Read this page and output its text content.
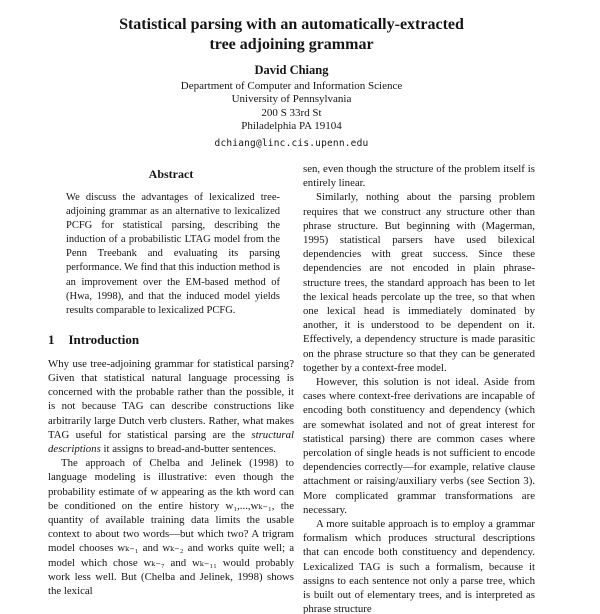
Statistical parsing with an automatically-extracted
tree adjoining grammar
David Chiang
Department of Computer and Information Science
University of Pennsylvania
200 S 33rd St
Philadelphia PA 19104
dchiang@linc.cis.upenn.edu
Abstract

We discuss the advantages of lexicalized tree-adjoining grammar as an alternative to lexicalized PCFG for statistical parsing, describing the induction of a probabilistic LTAG model from the Penn Treebank and evaluating its parsing performance. We find that this induction method is an improvement over the EM-based method of (Hwa, 1998), and that the induced model yields results comparable to lexicalized PCFG.

1 Introduction

Why use tree-adjoining grammar for statistical parsing? Given that statistical natural language processing is concerned with the probable rather than the possible, it is not because TAG can describe constructions like arbitrarily large Dutch verb clusters. Rather, what makes TAG useful for statistical parsing are the structural descriptions it assigns to bread-and-butter sentences.

The approach of Chelba and Jelinek (1998) to language modeling is illustrative: even though the probability estimate of w appearing as the kth word can be conditioned on the entire history w₁,...,wₖ₋₁, the quantity of available training data limits the usable context to about two words—but which two? A trigram model chooses wₖ₋₁ and wₖ₋₂ and works quite well; a model which chose wₖ₋₇ and wₖ₋₁₁ would probably work less well. But (Chelba and Jelinek, 1998) shows the lexical

sen, even though the structure of the problem itself is entirely linear.

Similarly, nothing about the parsing problem requires that we construct any structure other than phrase structure. But beginning with (Magerman, 1995) statistical parsers have used bilexical dependencies with great success. Since these dependencies are not encoded in plain phrase-structure trees, the standard approach has been to let the lexical heads percolate up the tree, so that when one lexical head is immediately dominated by another, it is understood to be dependent on it. Effectively, a dependency structure is made parasitic on the phrase structure so that they can be generated together by a context-free model.

However, this solution is not ideal. Aside from cases where context-free derivations are incapable of encoding both constituency and dependency (which are somewhat isolated and not of great interest for statistical parsing) there are common cases where percolation of single heads is not sufficient to encode dependencies correctly—for example, relative clause attachment or raising/auxiliary verbs (see Section 3). More complicated grammar transformations are necessary.

A more suitable approach is to employ a grammar formalism which produces structural descriptions that can encode both constituency and dependency. Lexicalized TAG is such a formalism, because it assigns to each sentence not only a parse tree, which is built out of elementary trees, and is interpreted as phrase structure
